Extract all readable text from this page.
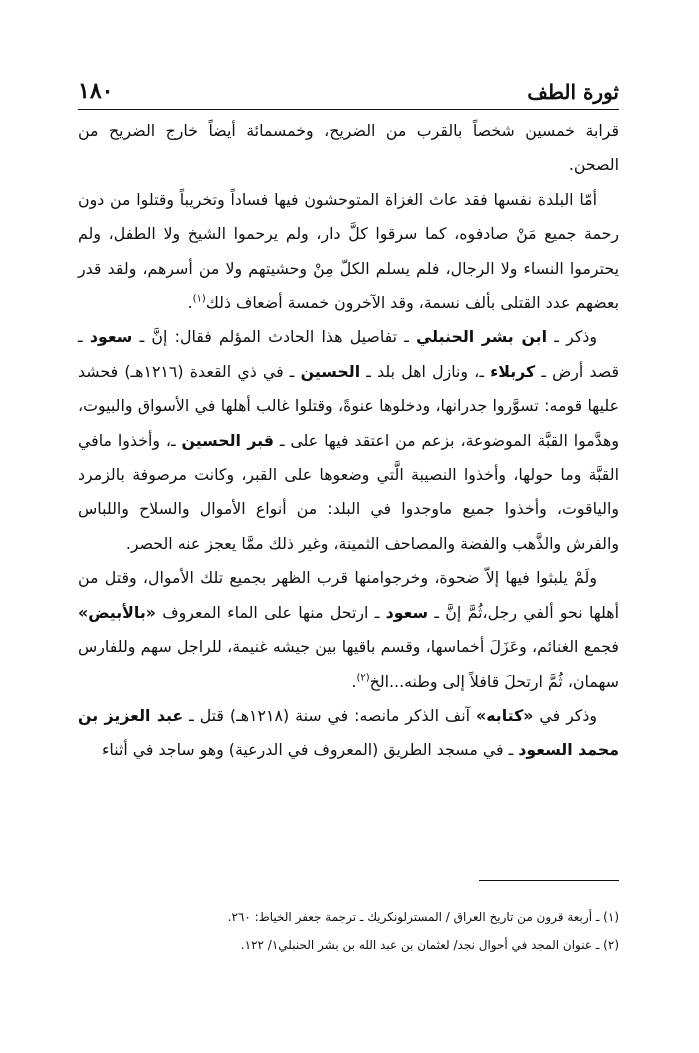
ثورة الطف
١٨٠

قرابة خمسين شخصاً بالقرب من الضريح، وخمسمائة أيضاً خارج الضريح من الصحن.

أمّا البلدة نفسها فقد عاث الغزاة المتوحشون فيها فساداً وتخريباً وقتلوا من دون رحمة جميع مَنْ صادفوه، كما سرقوا كلَّ دار، ولم يرحموا الشيخ ولا الطفل، ولم يحترموا النساء ولا الرجال، فلم يسلم الكلّ مِنْ وحشيتهم ولا من أسرهم، ولقد قدر بعضهم عدد القتلى بألف نسمة، وقد الآخرون خمسة أضعاف ذلك$^{(١)}$.

وذكر ـ ابن بشر الحنبلي ـ تفاصيل هذا الحادث المؤلم فقال: إنَّ ـ سعود ـ قصد أرض ـ كربلاء ـ، ونازل اهل بلد ـ الحسين ـ في ذي القعدة (١٢١٦هـ) فحشد عليها قومه: تسوَّروا جدرانها، ودخلوها عنوةً، وقتلوا غالب أهلها في الأسواق والبيوت، وهدَّموا القبَّة الموضوعة، بزعم من اعتقد فيها على ـ قبر الحسين ـ، وأخذوا مافي القبَّة وما حولها، وأخذوا النصيبة الَّتي وضعوها على القبر، وكانت مرصوفة بالزمرد والياقوت، وأخذوا جميع ماوجدوا في البلد: من أنواع الأموال والسلاح واللباس والفرش والذَّهب والفضة والمصاحف الثمينة، وغير ذلك ممَّا يعجز عنه الحصر.

ولَمْ يلبثوا فيها إلاّ ضحوة، وخرجوامنها قرب الظهر بجميع تلك الأموال، وقتل من أهلها نحو ألفي رجل،ثُمَّ إنَّ ـ سعود ـ ارتحل منها على الماء المعروف «بالأبيض» فجمع الغنائم، وعَزَلَ أخماسها، وقسم باقيها بين جيشه غنيمة، للراجل سهم وللفارس سهمان، ثُمَّ ارتحلَ قافلاً إلى وطنه...الخ$^{(٢)}$.

وذكر في «كتابه» آنف الذكر مانصه: في سنة (١٢١٨هـ) قتل ـ عبد العزيز بن محمد السعود ـ في مسجد الطريق (المعروف في الدرعية) وهو ساجد في أثناء

(١) ـ أربعة قرون من تاريخ العراق / المسترلونكريك ـ ترجمة جعفر الخياط: ٢٦٠.
(٢) ـ عنوان المجد في أحوال نجد/ لعثمان بن عبد الله بن بشر الحنبلي١/ ١٢٢.
